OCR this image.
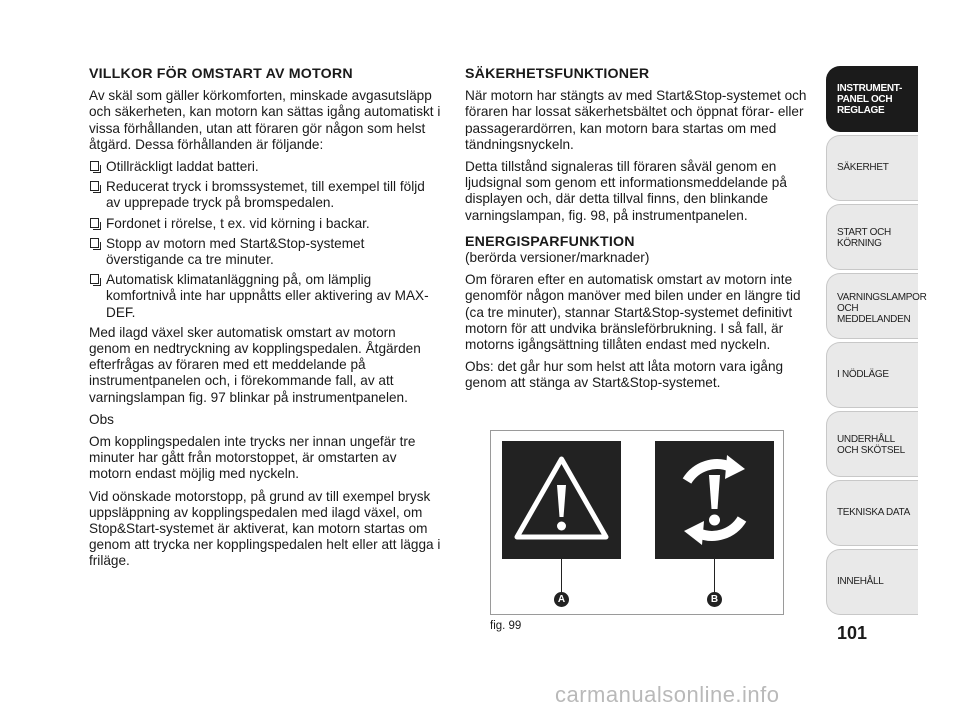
VILLKOR FÖR OMSTART AV MOTORN
Av skäl som gäller körkomforten, minskade avgasutsläpp och säkerheten, kan motorn kan sättas igång automatiskt i vissa förhållanden, utan att föraren gör någon som helst åtgärd. Dessa förhållanden är följande:
Otillräckligt laddat batteri.
Reducerat tryck i bromssystemet, till exempel till följd av upprepade tryck på bromspedalen.
Fordonet i rörelse, t ex. vid körning i backar.
Stopp av motorn med Start&Stop-systemet överstigande ca tre minuter.
Automatisk klimatanläggning på, om lämplig komfortnivå inte har uppnåtts eller aktivering av MAX-DEF.
Med ilagd växel sker automatisk omstart av motorn genom en nedtryckning av kopplingspedalen. Åtgärden efterfrågas av föraren med ett meddelande på instrumentpanelen och, i förekommande fall, av att varningslampan fig. 97 blinkar på instrumentpanelen.
Obs
Om kopplingspedalen inte trycks ner innan ungefär tre minuter har gått från motorstoppet, är omstarten av motorn endast möjlig med nyckeln.
Vid oönskade motorstopp, på grund av till exempel brysk uppsläppning av kopplingspedalen med ilagd växel, om Stop&Start-systemet är aktiverat, kan motorn startas om genom att trycka ner kopplingspedalen helt eller att lägga i friläge.
SÄKERHETSFUNKTIONER
När motorn har stängts av med Start&Stop-systemet och föraren har lossat säkerhetsbältet och öppnat förar- eller passagerardörren, kan motorn bara startas om med tändningsnyckeln.
Detta tillstånd signaleras till föraren såväl genom en ljudsignal som genom ett informationsmeddelande på displayen och, där detta tillval finns, den blinkande varningslampan, fig. 98, på instrumentpanelen.
ENERGISPARFUNKTION
(berörda versioner/marknader)
Om föraren efter en automatisk omstart av motorn inte genomför någon manöver med bilen under en längre tid (ca tre minuter), stannar Start&Stop-systemet definitivt motorn för att undvika bränsleförbrukning. I så fall, är motorns igångsättning tillåten endast med nyckeln.
Obs: det går hur som helst att låta motorn vara igång genom att stänga av Start&Stop-systemet.
A	B
fig. 99
INSTRUMENT-PANEL OCH REGLAGE
SÄKERHET
START OCH KÖRNING
VARNINGSLAMPOR OCH MEDDELANDEN
I NÖDLÄGE
UNDERHÅLL OCH SKÖTSEL
TEKNISKA DATA
INNEHÅLL
101
carmanualsonline.info
